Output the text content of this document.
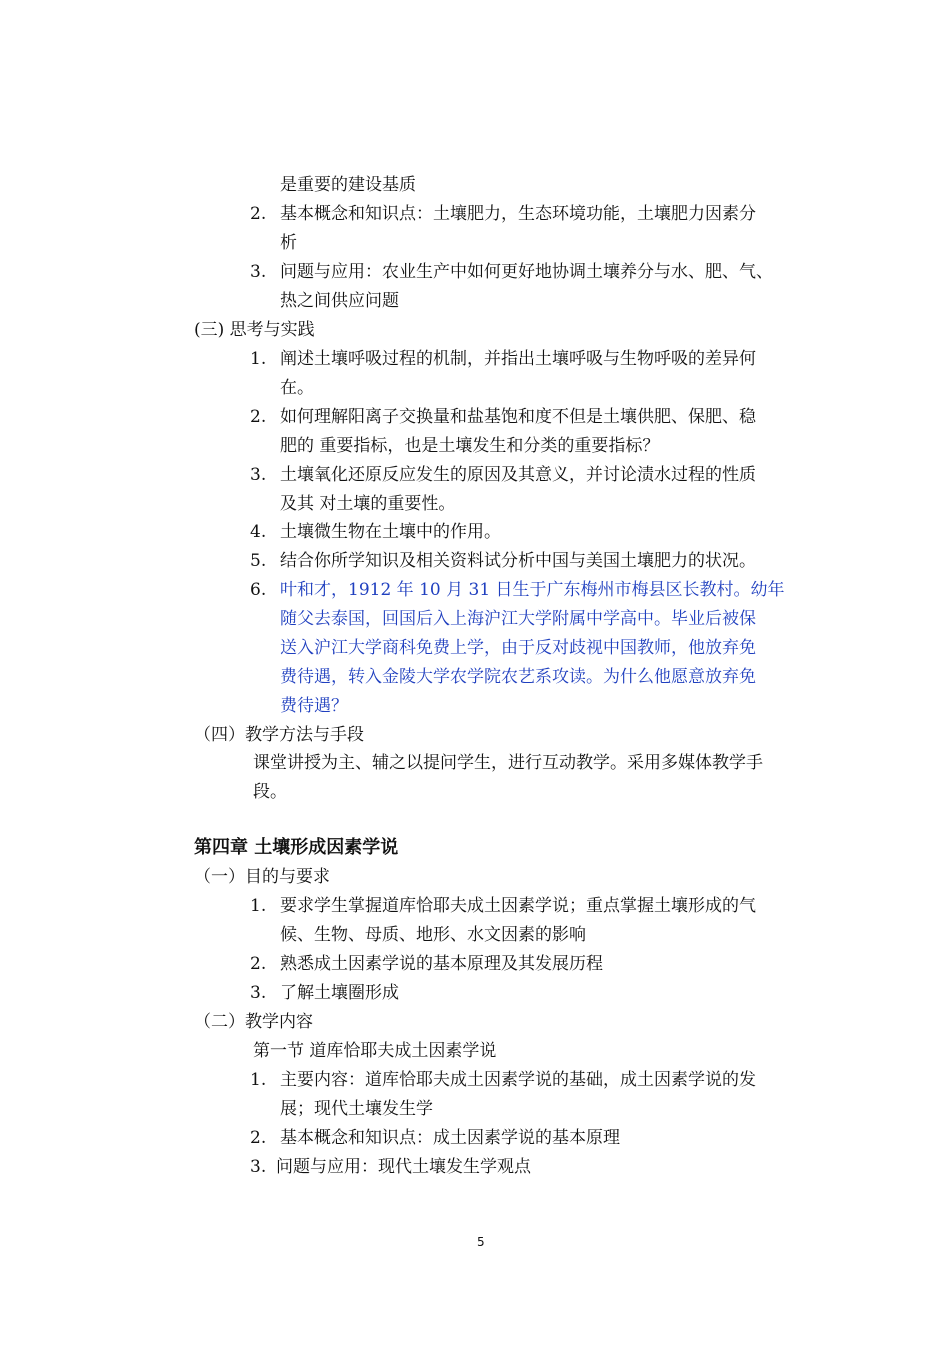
是重要的建设基质
2. 基本概念和知识点：土壤肥力，生态环境功能，土壤肥力因素分
析
3. 问题与应用：农业生产中如何更好地协调土壤养分与水、肥、气、
热之间供应问题
(三) 思考与实践
1. 阐述土壤呼吸过程的机制，并指出土壤呼吸与生物呼吸的差异何
在。
2. 如何理解阳离子交换量和盐基饱和度不但是土壤供肥、保肥、稳
肥的 重要指标，也是土壤发生和分类的重要指标？
3. 土壤氧化还原反应发生的原因及其意义，并讨论渍水过程的性质
及其 对土壤的重要性。
4. 土壤微生物在土壤中的作用。
5. 结合你所学知识及相关资料试分析中国与美国土壤肥力的状况。
6. 叶和才，1912 年 10 月 31 日生于广东梅州市梅县区长教村。幼年
随父去泰国，回国后入上海沪江大学附属中学高中。毕业后被保
送入沪江大学商科免费上学，由于反对歧视中国教师，他放弃免
费待遇，转入金陵大学农学院农艺系攻读。为什么他愿意放弃免
费待遇？
（四）教学方法与手段
课堂讲授为主、辅之以提问学生，进行互动教学。采用多媒体教学手
段。
第四章 土壤形成因素学说
（一）目的与要求
1. 要求学生掌握道库恰耶夫成土因素学说；重点掌握土壤形成的气
候、生物、母质、地形、水文因素的影响
2. 熟悉成土因素学说的基本原理及其发展历程
3. 了解土壤圈形成
（二）教学内容
第一节 道库恰耶夫成土因素学说
1. 主要内容：道库恰耶夫成土因素学说的基础，成土因素学说的发
展；现代土壤发生学
2. 基本概念和知识点：成土因素学说的基本原理
3. 问题与应用：现代土壤发生学观点
5
